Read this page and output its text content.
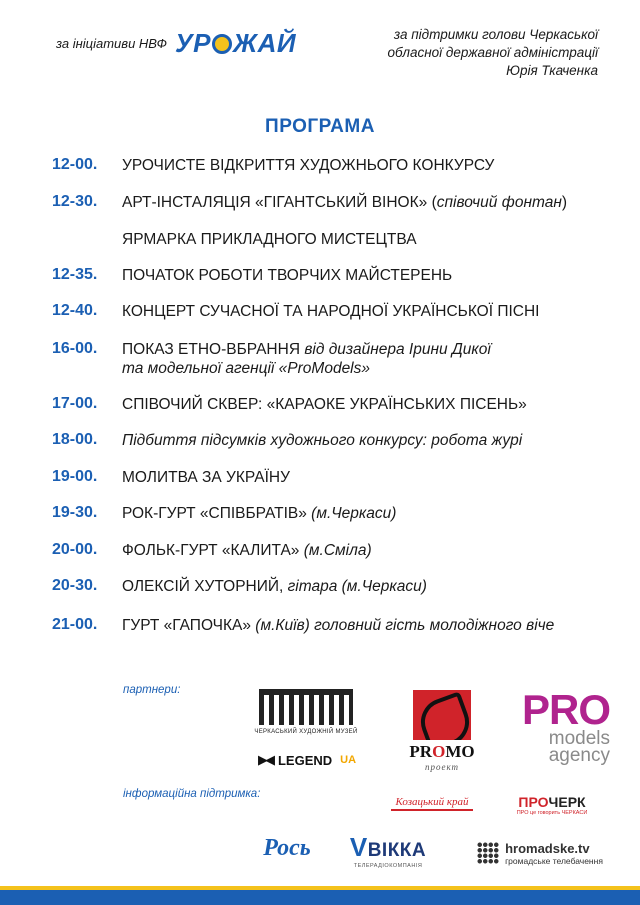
за ініціативи НВФ УР ЖАЙ	за підтримки голови Черкаської
обласної державної адміністрації
Юрія Ткаченка
ПРОГРАМА
12-00.	УРОЧИСТЕ ВІДКРИТТЯ ХУДОЖНЬОГО КОНКУРСУ
12-30.	АРТ-ІНСТАЛЯЦІЯ «ГІГАНТСЬКИЙ ВІНОК» (співочий фонтан)
ЯРМАРКА ПРИКЛАДНОГО МИСТЕЦТВА
12-35.	ПОЧАТОК РОБОТИ ТВОРЧИХ МАЙСТЕРЕНЬ
12-40.	КОНЦЕРТ СУЧАСНОЇ ТА НАРОДНОЇ УКРАЇНСЬКОЇ ПІСНІ
16-00.	ПОКАЗ ЕТНО-ВБРАННЯ від дизайнера Ірини Дикої
та модельної агенції «ProModels»
17-00.	СПІВОЧИЙ СКВЕР: «КАРАОКЕ УКРАЇНСЬКИХ ПІСЕНЬ»
18-00.	Підбиття підсумків художнього конкурсу: робота журі
19-00.	МОЛИТВА ЗА УКРАЇНУ
19-30.	РОК-ГУРТ «СПІВБРАТІВ» (м.Черкаси)
20-00.	ФОЛЬК-ГУРТ «КАЛИТА» (м.Сміла)
20-30.	ОЛЕКСІЙ ХУТОРНИЙ, гітара (м.Черкаси)
21-00.	ГУРТ «ГАПОЧКА» (м.Київ) головний гість молодіжного віче
партнери:
ЧЕРКАСЬКИЙ ХУДОЖНІЙ МУЗЕЙ
▶◀ LEGEND UA	PROMO
проект
PRO
models
agency
інформаційна підтримка:
Козацький край	ПРОЧЕРК
ПРО це говорить ЧЕРКАСИ
Рось VВІККА
ТЕЛЕРАДІОКОМПАНІЯ
hromadske.tv
громадське телебачення
